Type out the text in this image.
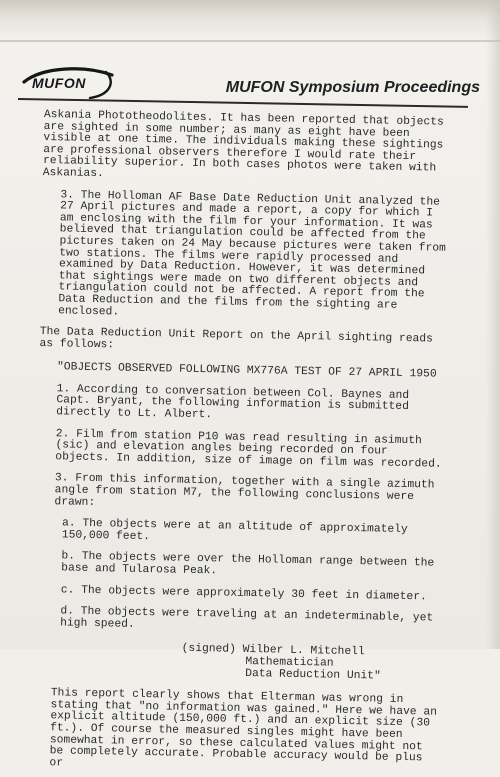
MUFON	MUFON Symposium Proceedings

Askania Phototheodolites. It has been reported that objects are sighted in some number; as many as eight have been visible at one time. The individuals making these sightings are professional observers therefore I would rate their reliability superior. In both cases photos were taken with Askanias.

3. The Holloman AF Base Date Reduction Unit analyzed the 27 April pictures and made a report, a copy for which I am enclosing with the film for your information. It was believed that triangulation could be affected from the pictures taken on 24 May because pictures were taken from two stations. The films were rapidly processed and examined by Data Reduction. However, it was determined that sightings were made on two different objects and triangulation could not be affected. A report from the Data Reduction and the films from the sighting are enclosed.

The Data Reduction Unit Report on the April sighting reads as follows:

"OBJECTS OBSERVED FOLLOWING MX776A TEST OF 27 APRIL 1950

1. According to conversation between Col. Baynes and Capt. Bryant, the following information is submitted directly to Lt. Albert.

2. Film from station P10 was read resulting in asimuth (sic) and elevation angles being recorded on four objects. In addition, size of image on film was recorded.

3. From this information, together with a single azimuth angle from station M7, the following conclusions were drawn:

a. The objects were at an altitude of approximately 150,000 feet.

b. The objects were over the Holloman range between the base and Tularosa Peak.

c. The objects were approximately 30 feet in diameter.

d. The objects were traveling at an indeterminable, yet high speed.

(signed) Wilber L. Mitchell
Mathematician
Data Reduction Unit"

This report clearly shows that Elterman was wrong in stating that "no information was gained." Here we have an explicit altitude (150,000 ft.) and an explicit size (30 ft.). Of course the measured singles might have been somewhat in error, so these calculated values might not be completely accurate. Probable accuracy would be plus or
